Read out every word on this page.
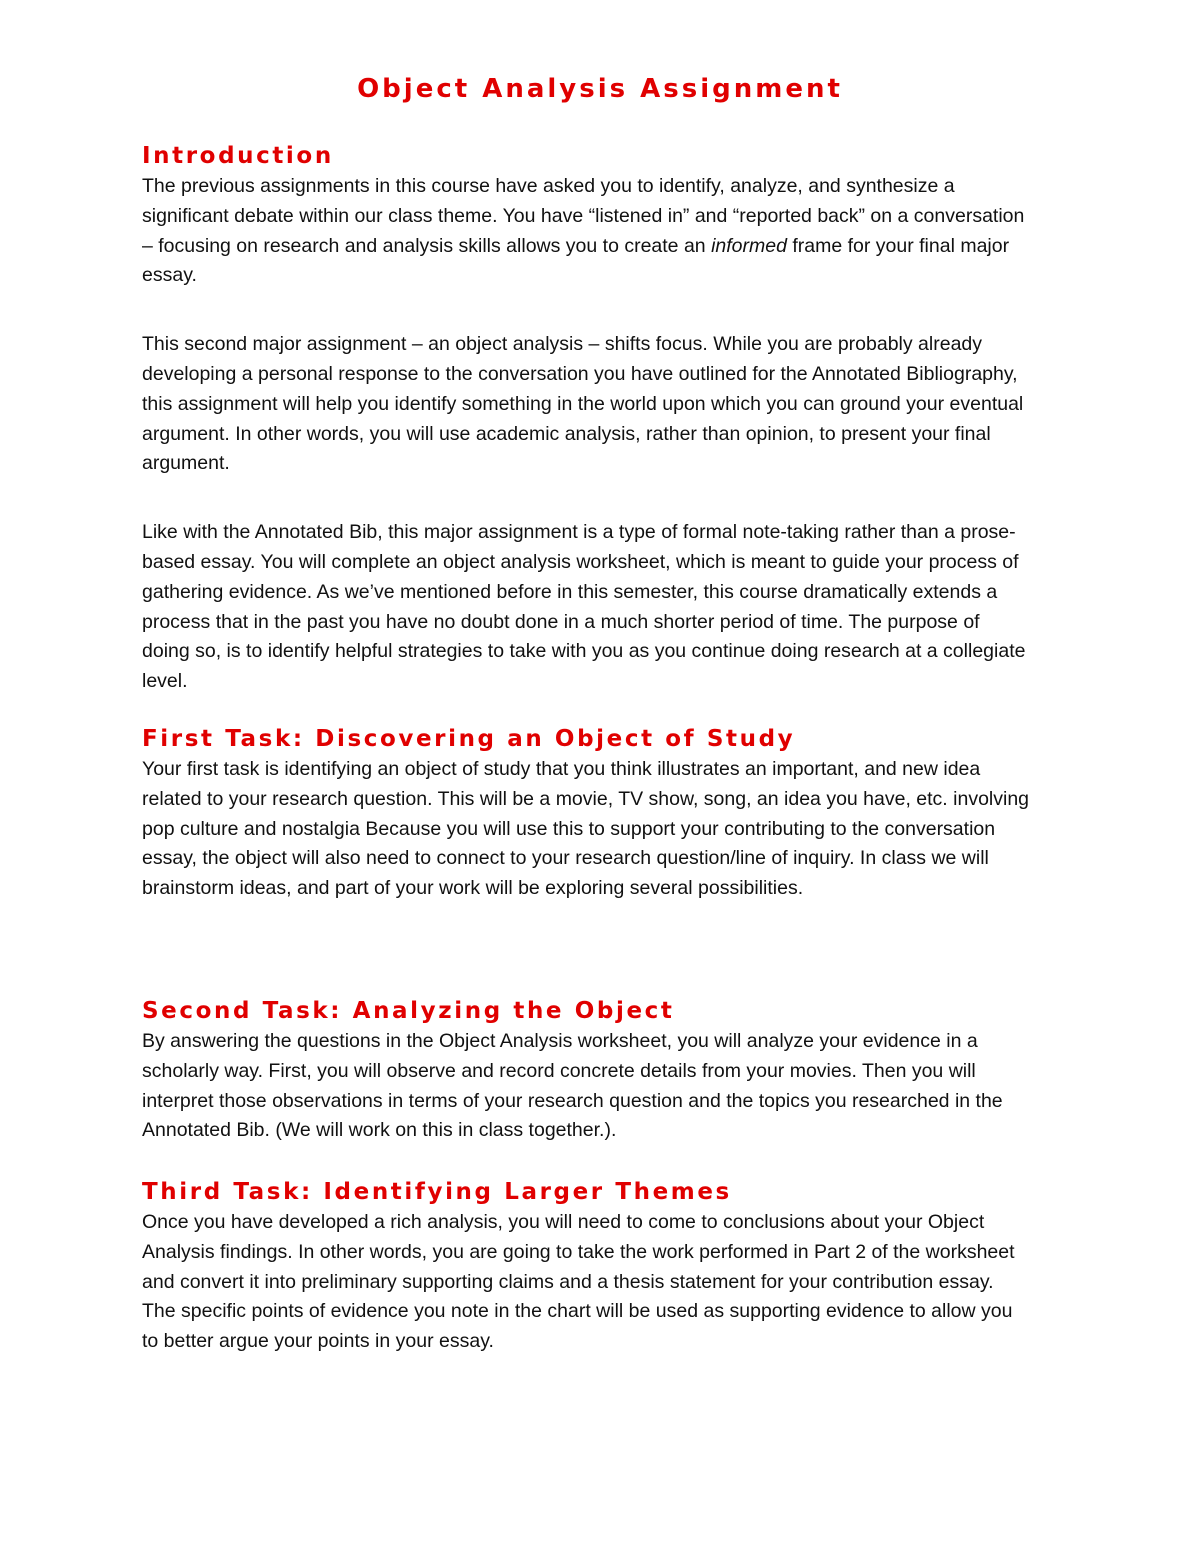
Object Analysis Assignment
Introduction

The previous assignments in this course have asked you to identify, analyze, and synthesize a significant debate within our class theme. You have “listened in” and “reported back” on a conversation – focusing on research and analysis skills allows you to create an informed frame for your final major essay.

This second major assignment – an object analysis – shifts focus. While you are probably already developing a personal response to the conversation you have outlined for the Annotated Bibliography, this assignment will help you identify something in the world upon which you can ground your eventual argument. In other words, you will use academic analysis, rather than opinion, to present your final argument.

Like with the Annotated Bib, this major assignment is a type of formal note-taking rather than a prose-based essay. You will complete an object analysis worksheet, which is meant to guide your process of gathering evidence. As we’ve mentioned before in this semester, this course dramatically extends a process that in the past you have no doubt done in a much shorter period of time. The purpose of doing so, is to identify helpful strategies to take with you as you continue doing research at a collegiate level.

First Task: Discovering an Object of Study

Your first task is identifying an object of study that you think illustrates an important, and new idea related to your research question. This will be a movie, TV show, song, an idea you have, etc. involving pop culture and nostalgia Because you will use this to support your contributing to the conversation essay, the object will also need to connect to your research question/line of inquiry. In class we will brainstorm ideas, and part of your work will be exploring several possibilities.

Second Task: Analyzing the Object

By answering the questions in the Object Analysis worksheet, you will analyze your evidence in a scholarly way. First, you will observe and record concrete details from your movies. Then you will interpret those observations in terms of your research question and the topics you researched in the Annotated Bib. (We will work on this in class together.).

Third Task: Identifying Larger Themes

Once you have developed a rich analysis, you will need to come to conclusions about your Object Analysis findings. In other words, you are going to take the work performed in Part 2 of the worksheet and convert it into preliminary supporting claims and a thesis statement for your contribution essay. The specific points of evidence you note in the chart will be used as supporting evidence to allow you to better argue your points in your essay.
